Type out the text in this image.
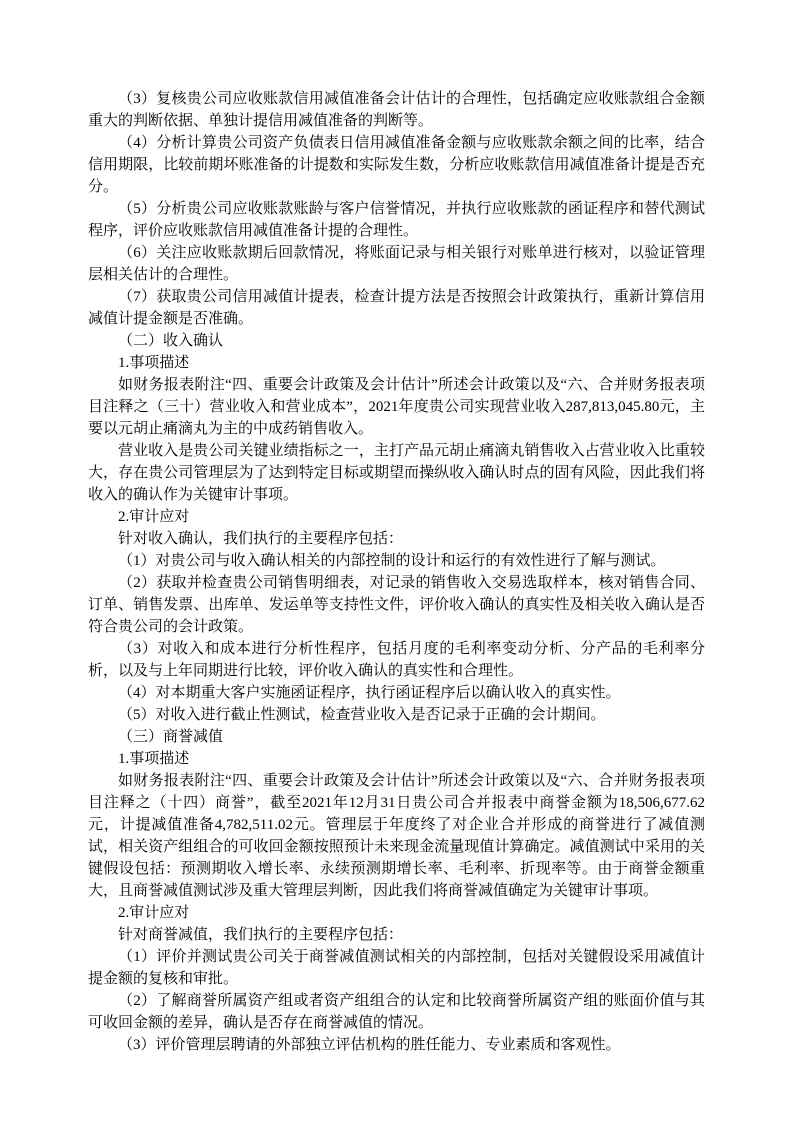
（3）复核贵公司应收账款信用减值准备会计估计的合理性，包括确定应收账款组合金额重大的判断依据、单独计提信用减值准备的判断等。

（4）分析计算贵公司资产负债表日信用减值准备金额与应收账款余额之间的比率，结合信用期限，比较前期坏账准备的计提数和实际发生数，分析应收账款信用减值准备计提是否充分。

（5）分析贵公司应收账款账龄与客户信誉情况，并执行应收账款的函证程序和替代测试程序，评价应收账款信用减值准备计提的合理性。

（6）关注应收账款期后回款情况，将账面记录与相关银行对账单进行核对，以验证管理层相关估计的合理性。

（7）获取贵公司信用减值计提表，检查计提方法是否按照会计政策执行，重新计算信用减值计提金额是否准确。

（二）收入确认

1.事项描述

如财务报表附注“四、重要会计政策及会计估计”所述会计政策以及“六、合并财务报表项目注释之（三十）营业收入和营业成本”，2021年度贵公司实现营业收入287,813,045.80元，主要以元胡止痛滴丸为主的中成药销售收入。

营业收入是贵公司关键业绩指标之一，主打产品元胡止痛滴丸销售收入占营业收入比重较大，存在贵公司管理层为了达到特定目标或期望而操纵收入确认时点的固有风险，因此我们将收入的确认作为关键审计事项。

2.审计应对

针对收入确认，我们执行的主要程序包括：

（1）对贵公司与收入确认相关的内部控制的设计和运行的有效性进行了解与测试。

（2）获取并检查贵公司销售明细表，对记录的销售收入交易选取样本，核对销售合同、订单、销售发票、出库单、发运单等支持性文件，评价收入确认的真实性及相关收入确认是否符合贵公司的会计政策。

（3）对收入和成本进行分析性程序，包括月度的毛利率变动分析、分产品的毛利率分析，以及与上年同期进行比较，评价收入确认的真实性和合理性。

（4）对本期重大客户实施函证程序，执行函证程序后以确认收入的真实性。

（5）对收入进行截止性测试，检查营业收入是否记录于正确的会计期间。

（三）商誉减值

1.事项描述

如财务报表附注“四、重要会计政策及会计估计”所述会计政策以及“六、合并财务报表项目注释之（十四）商誉”，截至2021年12月31日贵公司合并报表中商誉金额为18,506,677.62元，计提减值准备4,782,511.02元。管理层于年度终了对企业合并形成的商誉进行了减值测试，相关资产组组合的可收回金额按照预计未来现金流量现值计算确定。减值测试中采用的关键假设包括：预测期收入增长率、永续预测期增长率、毛利率、折现率等。由于商誉金额重大，且商誉减值测试涉及重大管理层判断，因此我们将商誉减值确定为关键审计事项。

2.审计应对

针对商誉减值，我们执行的主要程序包括：

（1）评价并测试贵公司关于商誉减值测试相关的内部控制，包括对关键假设采用减值计提金额的复核和审批。

（2）了解商誉所属资产组或者资产组组合的认定和比较商誉所属资产组的账面价值与其可收回金额的差异，确认是否存在商誉减值的情况。

（3）评价管理层聘请的外部独立评估机构的胜任能力、专业素质和客观性。
